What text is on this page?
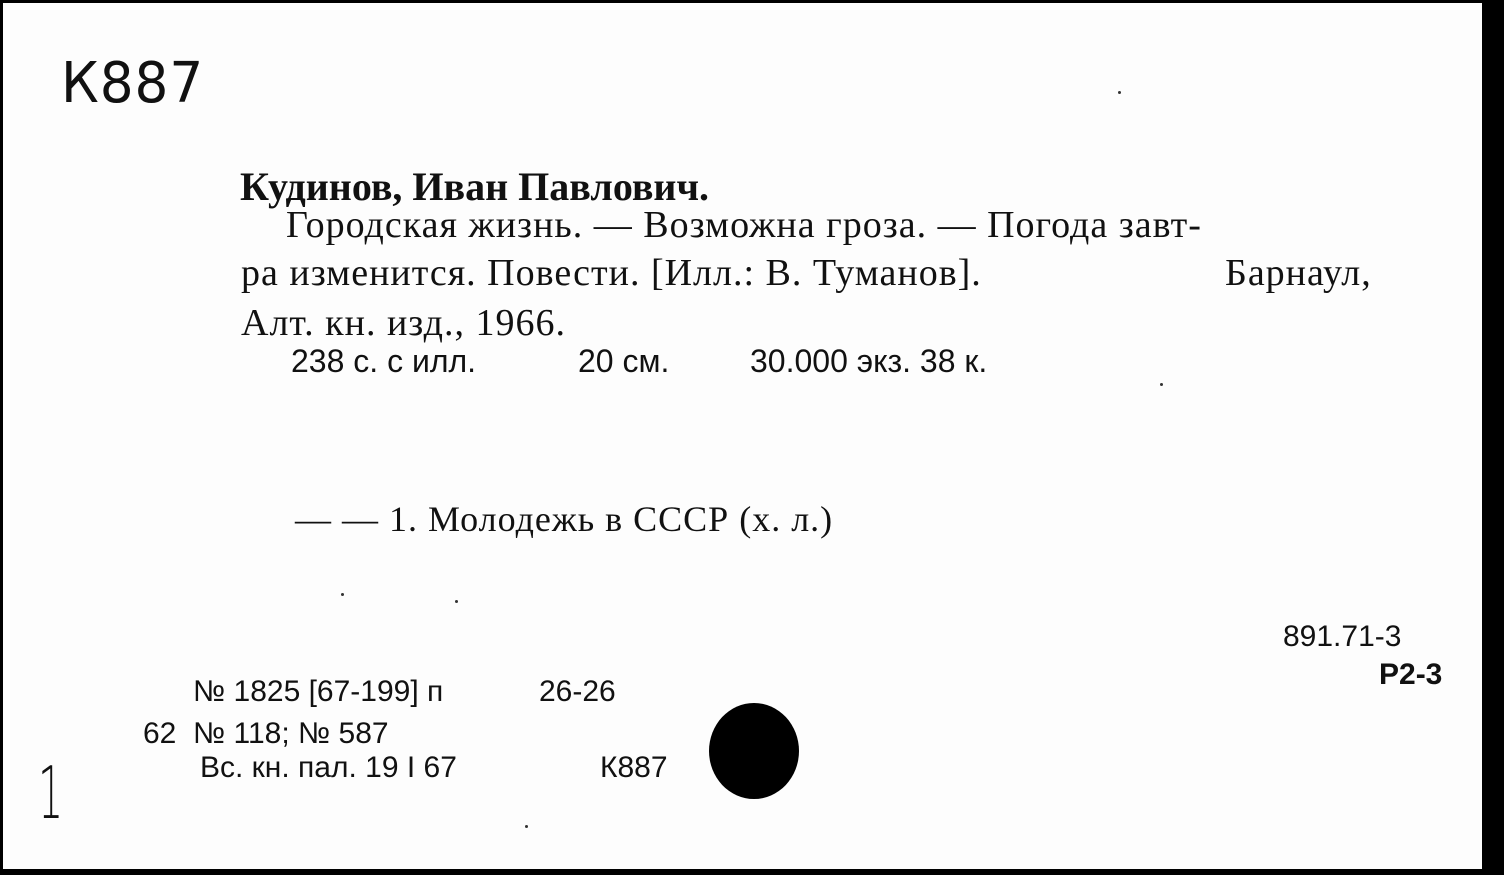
К887
Кудинов, Иван Павлович.
Городская жизнь. — Возможна гроза. — Погода завт-
ра изменится. Повести. [Илл.: В. Туманов].	Барнаул,
Алт. кн. изд., 1966.
238 с. с илл.	20 см.	30.000 экз. 38 к.
— — 1. Молодежь в СССР (х. л.)
891.71-3
Р2-3
№ 1825 [67-199] п	26-26
62 № 118; № 587
Вс. кн. пал. 19 I 67	К887
1
